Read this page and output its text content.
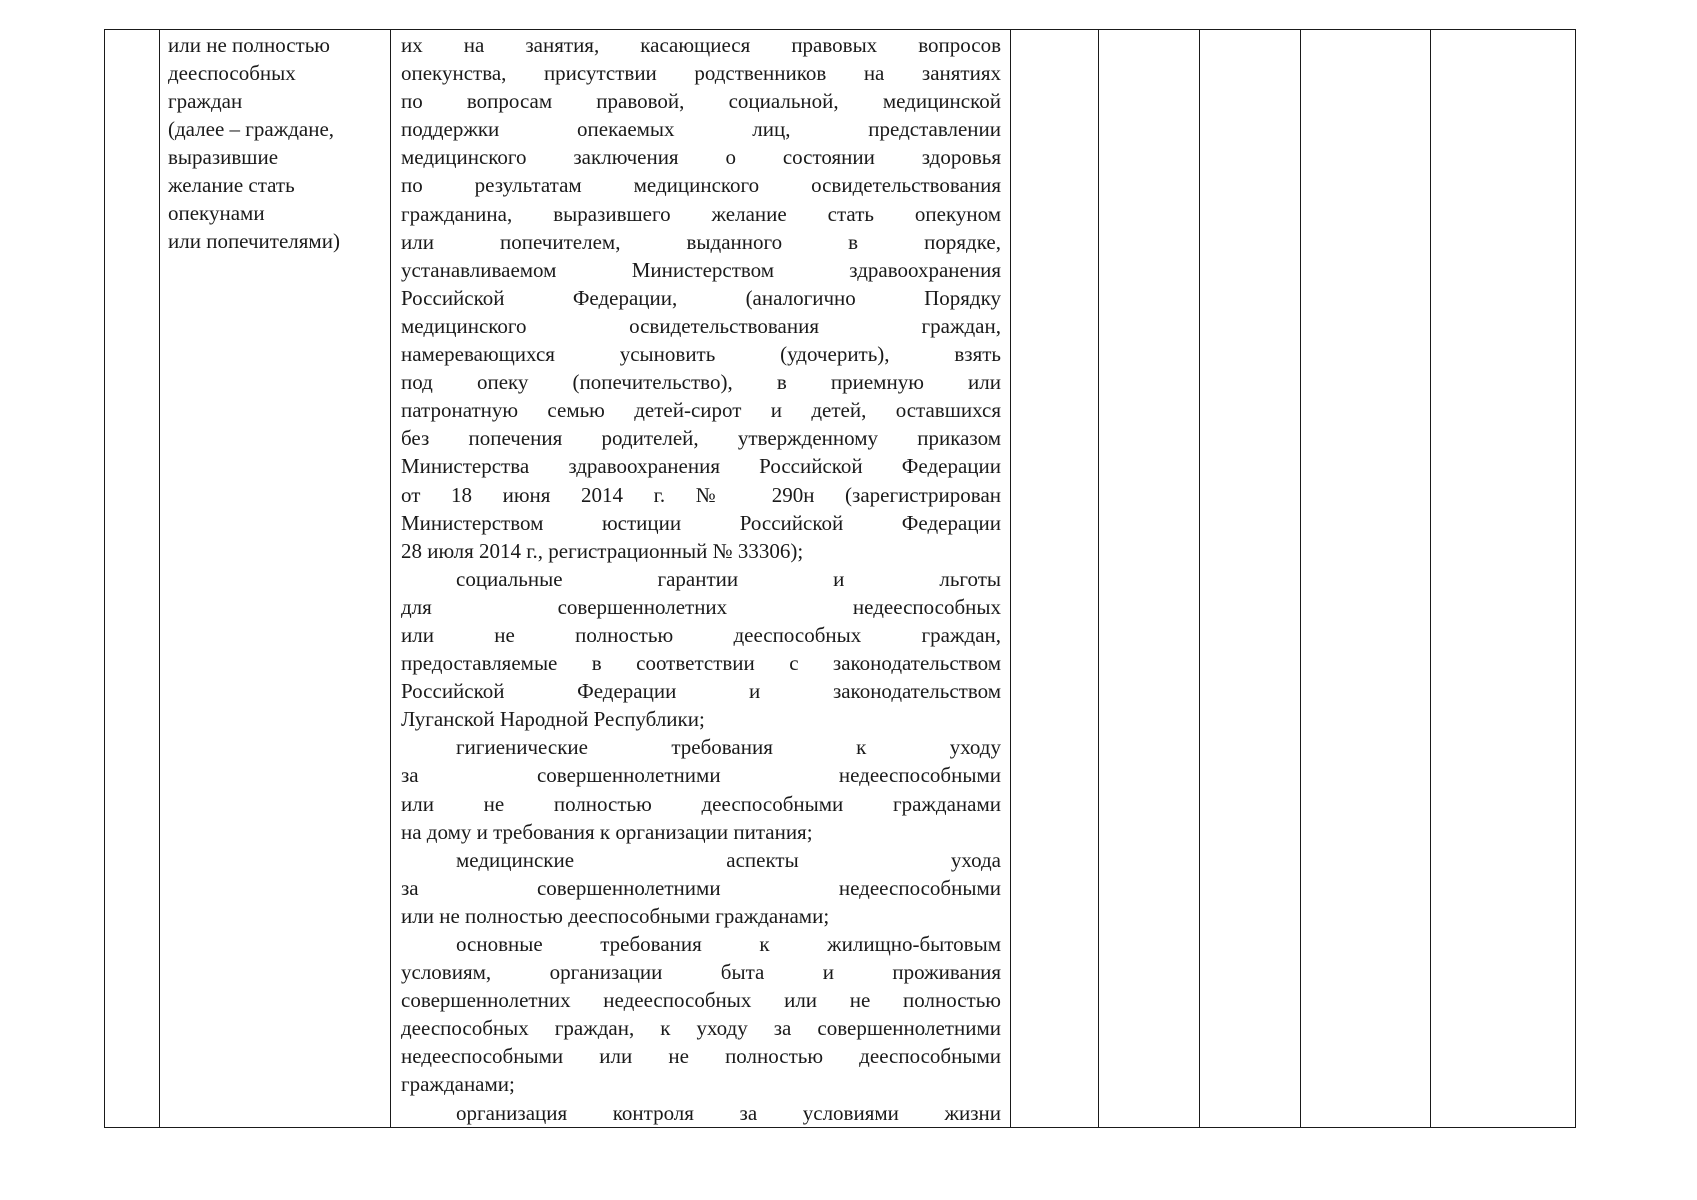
или не полностью
дееспособных
граждан
(далее – граждане,
выразившие
желание стать
опекунами
или попечителями)
их на занятия, касающиеся правовых вопросов
опекунства, присутствии родственников на занятиях
по вопросам правовой, социальной, медицинской
поддержки опекаемых лиц, представлении
медицинского заключения о состоянии здоровья
по результатам медицинского освидетельствования
гражданина, выразившего желание стать опекуном
или попечителем, выданного в порядке,
устанавливаемом Министерством здравоохранения
Российской Федерации, (аналогично Порядку
медицинского освидетельствования граждан,
намеревающихся усыновить (удочерить), взять
под опеку (попечительство), в приемную или
патронатную семью детей-сирот и детей, оставшихся
без попечения родителей, утвержденному приказом
Министерства здравоохранения Российской Федерации
от 18 июня 2014 г. № 290н (зарегистрирован
Министерством юстиции Российской Федерации
28 июля 2014 г., регистрационный № 33306);
социальные гарантии и льготы
для совершеннолетних недееспособных
или не полностью дееспособных граждан,
предоставляемые в соответствии с законодательством
Российской Федерации и законодательством
Луганской Народной Республики;
гигиенические требования к уходу
за совершеннолетними недееспособными
или не полностью дееспособными гражданами
на дому и требования к организации питания;
медицинские аспекты ухода
за совершеннолетними недееспособными
или не полностью дееспособными гражданами;
основные требования к жилищно-бытовым
условиям, организации быта и проживания
совершеннолетних недееспособных или не полностью
дееспособных граждан, к уходу за совершеннолетними
недееспособными или не полностью дееспособными
гражданами;
организация контроля за условиями жизни
